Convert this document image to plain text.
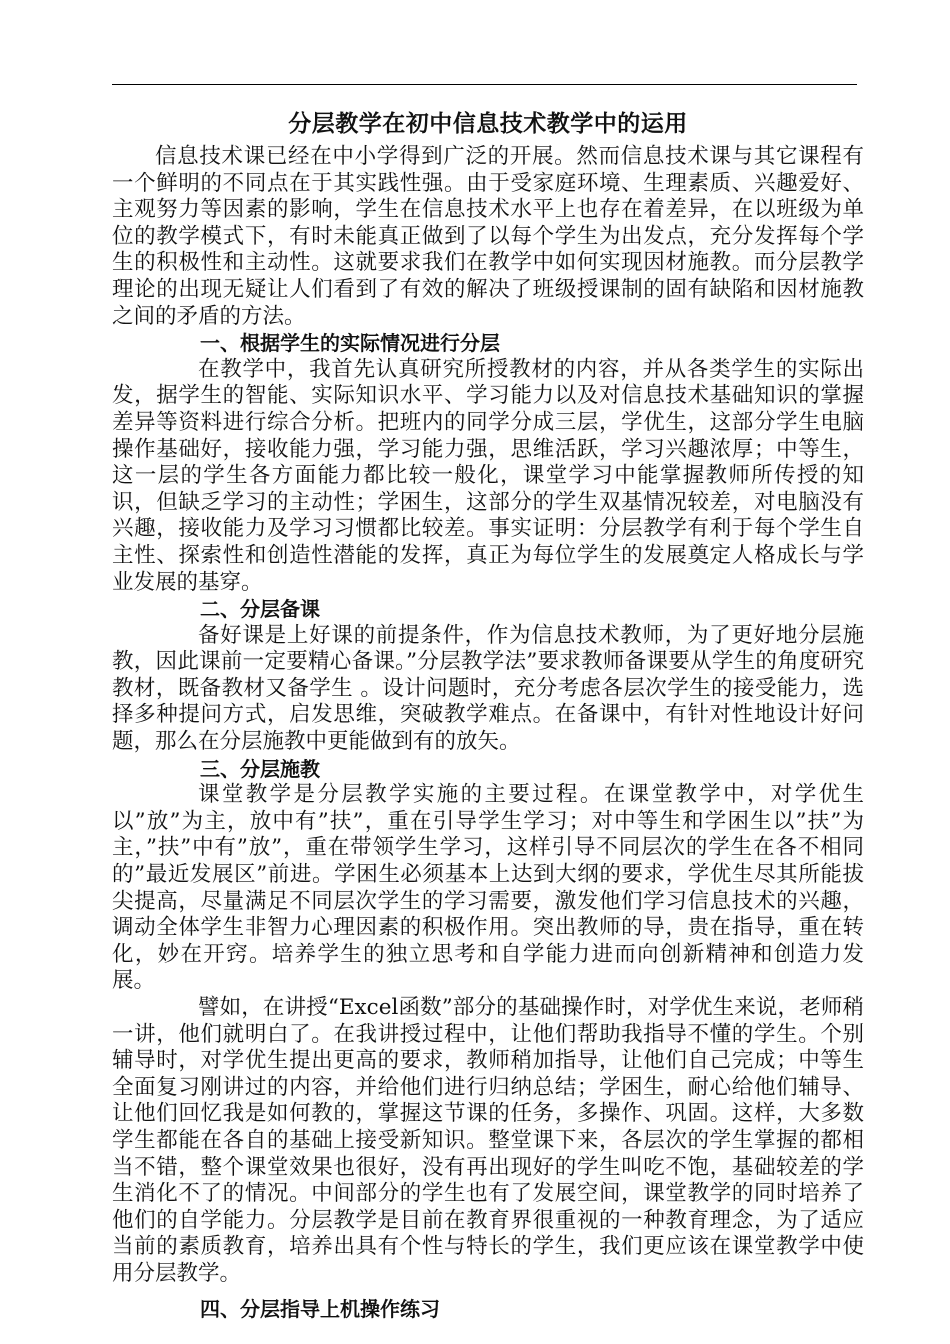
分层教学在初中信息技术教学中的运用

信息技术课已经在中小学得到广泛的开展。然而信息技术课与其它课程有一个鲜明的不同点在于其实践性强。由于受家庭环境、生理素质、兴趣爱好、主观努力等因素的影响，学生在信息技术水平上也存在着差异，在以班级为单位的教学模式下，有时未能真正做到了以每个学生为出发点，充分发挥每个学生的积极性和主动性。这就要求我们在教学中如何实现因材施教。而分层教学理论的出现无疑让人们看到了有效的解决了班级授课制的固有缺陷和因材施教之间的矛盾的方法。

一、根据学生的实际情况进行分层

在教学中，我首先认真研究所授教材的内容，并从各类学生的实际出发，据学生的智能、实际知识水平、学习能力以及对信息技术基础知识的掌握差异等资料进行综合分析。把班内的同学分成三层，学优生，这部分学生电脑操作基础好，接收能力强，学习能力强，思维活跃，学习兴趣浓厚；中等生，这一层的学生各方面能力都比较一般化，课堂学习中能掌握教师所传授的知识，但缺乏学习的主动性；学困生，这部分的学生双基情况较差，对电脑没有兴趣，接收能力及学习习惯都比较差。事实证明：分层教学有利于每个学生自主性、探索性和创造性潜能的发挥，真正为每位学生的发展奠定人格成长与学业发展的基穿。

二、分层备课

备好课是上好课的前提条件，作为信息技术教师，为了更好地分层施教，因此课前一定要精心备课。”分层教学法”要求教师备课要从学生的角度研究教材，既备教材又备学生 。设计问题时，充分考虑各层次学生的接受能力，选择多种提问方式，启发思维，突破教学难点。在备课中，有针对性地设计好问题，那么在分层施教中更能做到有的放矢。

三、分层施教

课堂教学是分层教学实施的主要过程。在课堂教学中，对学优生以”放”为主，放中有”扶”，重在引导学生学习；对中等生和学困生以”扶”为主，”扶”中有”放”，重在带领学生学习，这样引导不同层次的学生在各不相同的”最近发展区”前进。学困生必须基本上达到大纲的要求，学优生尽其所能拔尖提高，尽量满足不同层次学生的学习需要，激发他们学习信息技术的兴趣，调动全体学生非智力心理因素的积极作用。突出教师的导，贵在指导，重在转化，妙在开窍。培养学生的独立思考和自学能力进而向创新精神和创造力发展。

譬如，在讲授“Excel函数”部分的基础操作时，对学优生来说，老师稍一讲，他们就明白了。在我讲授过程中，让他们帮助我指导不懂的学生。个别辅导时，对学优生提出更高的要求，教师稍加指导，让他们自己完成；中等生全面复习刚讲过的内容，并给他们进行归纳总结；学困生，耐心给他们辅导、让他们回忆我是如何教的，掌握这节课的任务，多操作、巩固。这样，大多数学生都能在各自的基础上接受新知识。整堂课下来，各层次的学生掌握的都相当不错，整个课堂效果也很好，没有再出现好的学生叫吃不饱，基础较差的学生消化不了的情况。中间部分的学生也有了发展空间，课堂教学的同时培养了他们的自学能力。分层教学是目前在教育界很重视的一种教育理念，为了适应当前的素质教育，培养出具有个性与特长的学生，我们更应该在课堂教学中使用分层教学。

四、分层指导上机操作练习
